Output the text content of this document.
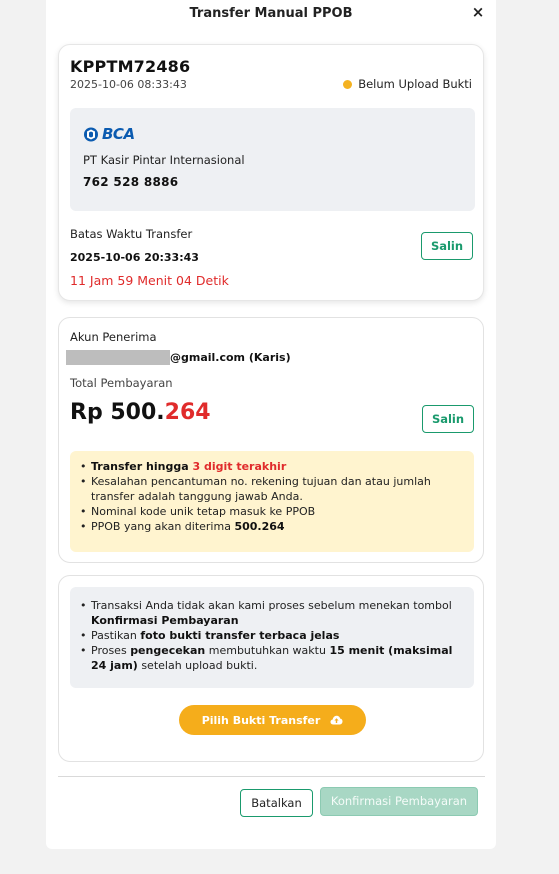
Transfer Manual PPOB	×
KPPTM72486
2025-10-06 08:33:43	Belum Upload Bukti
BCA
PT Kasir Pintar Internasional
762 528 8886
Salin
Batas Waktu Transfer
2025-10-06 20:33:43
11 Jam 59 Menit 04 Detik
Akun Penerima
@gmail.com (Karis)
Total Pembayaran
Rp 500.264	Salin
• Transfer hingga 3 digit terakhir
• Kesalahan pencantuman no. rekening tujuan dan atau jumlah transfer adalah tanggung jawab Anda.
• Nominal kode unik tetap masuk ke PPOB
• PPOB yang akan diterima 500.264
• Transaksi Anda tidak akan kami proses sebelum menekan tombol Konfirmasi Pembayaran
• Pastikan foto bukti transfer terbaca jelas
• Proses pengecekan membutuhkan waktu 15 menit (maksimal 24 jam) setelah upload bukti.
Pilih Bukti Transfer
Batalkan	Konfirmasi Pembayaran
